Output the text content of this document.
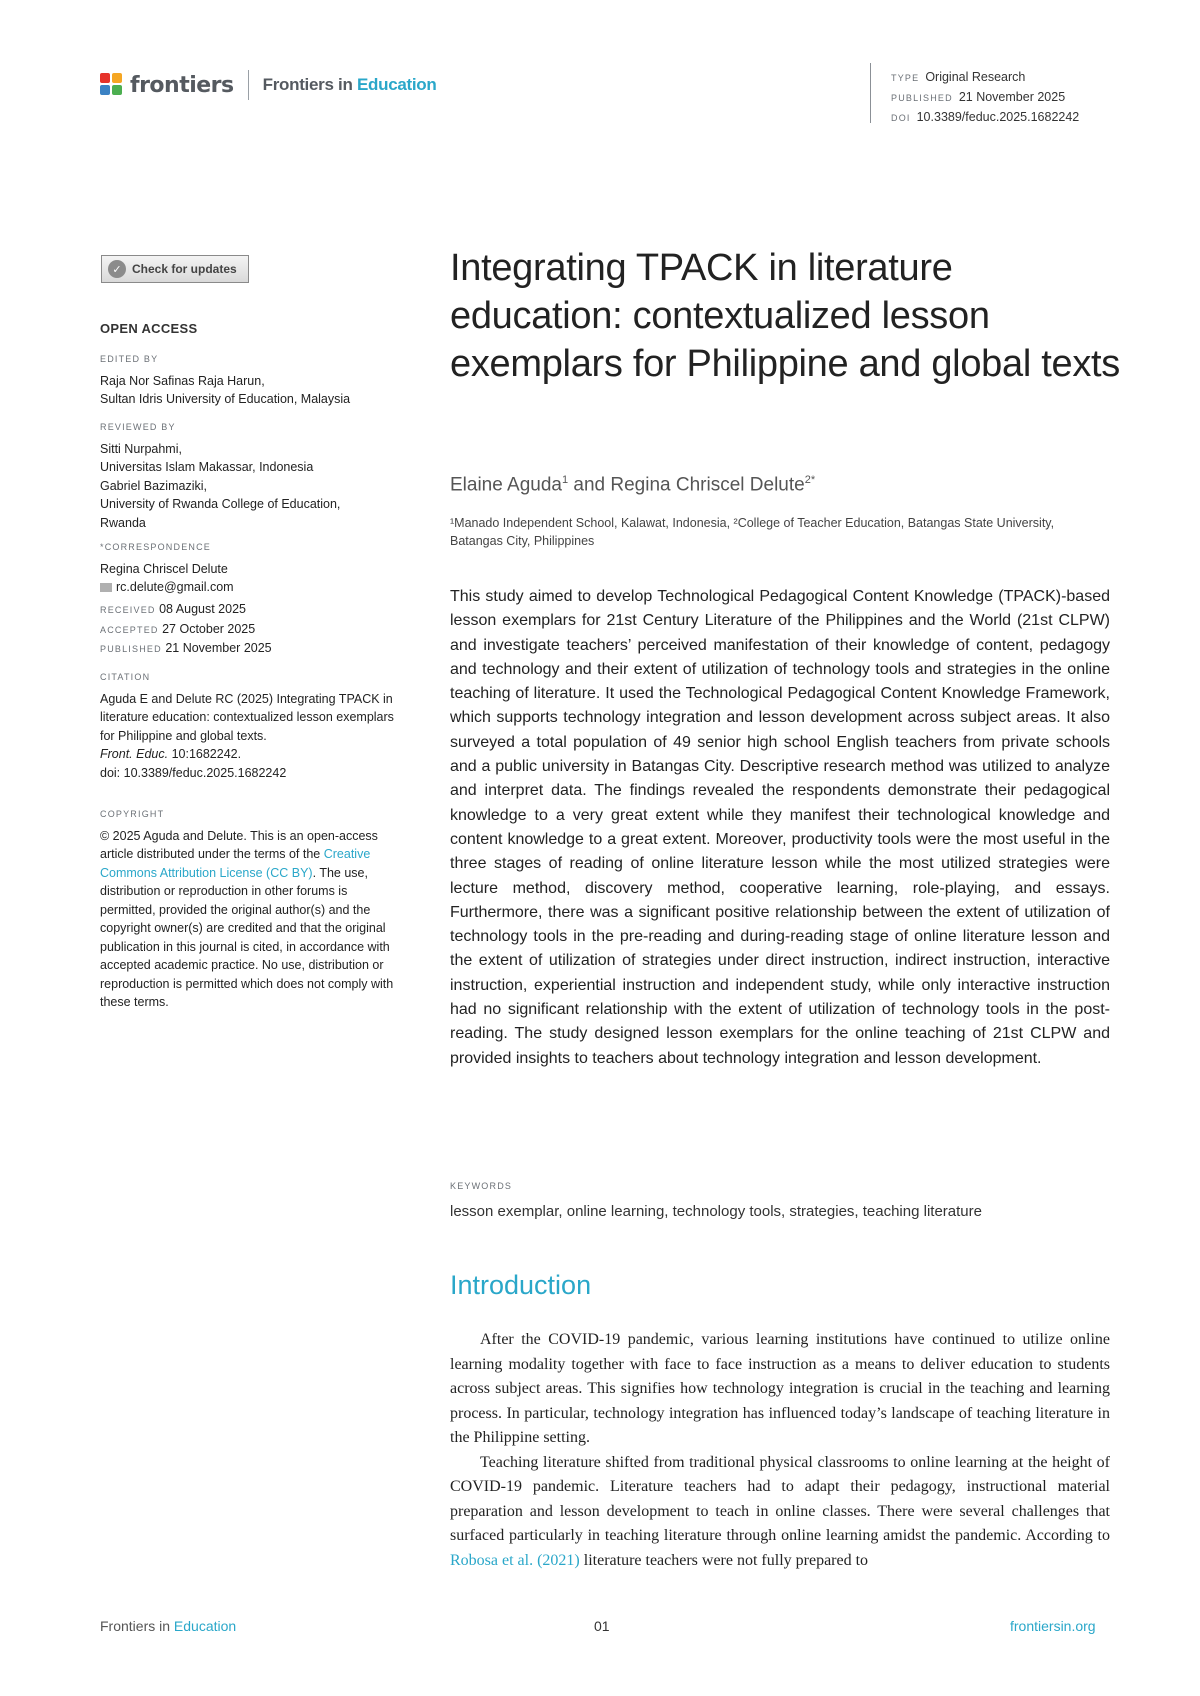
frontiers Frontiers in Education	TYPE Original Research
PUBLISHED 21 November 2025
DOI 10.3389/feduc.2025.1682242
✓ Check for updates
OPEN ACCESS
EDITED BY
Raja Nor Safinas Raja Harun,
Sultan Idris University of Education, Malaysia
REVIEWED BY
Sitti Nurpahmi,
Universitas Islam Makassar, Indonesia
Gabriel Bazimaziki,
University of Rwanda College of Education,
Rwanda
*CORRESPONDENCE
Regina Chriscel Delute
rc.delute@gmail.com
RECEIVED 08 August 2025
ACCEPTED 27 October 2025
PUBLISHED 21 November 2025
CITATION
Aguda E and Delute RC (2025) Integrating TPACK in literature education: contextualized lesson exemplars for Philippine and global texts.
Front. Educ. 10:1682242.
doi: 10.3389/feduc.2025.1682242
COPYRIGHT
© 2025 Aguda and Delute. This is an open-access article distributed under the terms of the Creative Commons Attribution License (CC BY). The use, distribution or reproduction in other forums is permitted, provided the original author(s) and the copyright owner(s) are credited and that the original publication in this journal is cited, in accordance with accepted academic practice. No use, distribution or reproduction is permitted which does not comply with these terms.
Integrating TPACK in literature education: contextualized lesson exemplars for Philippine and global texts
Elaine Aguda$^1$ and Regina Chriscel Delute$^{2*}$
¹Manado Independent School, Kalawat, Indonesia, ²College of Teacher Education, Batangas State University, Batangas City, Philippines
This study aimed to develop Technological Pedagogical Content Knowledge (TPACK)-based lesson exemplars for 21st Century Literature of the Philippines and the World (21st CLPW) and investigate teachers’ perceived manifestation of their knowledge of content, pedagogy and technology and their extent of utilization of technology tools and strategies in the online teaching of literature. It used the Technological Pedagogical Content Knowledge Framework, which supports technology integration and lesson development across subject areas. It also surveyed a total population of 49 senior high school English teachers from private schools and a public university in Batangas City. Descriptive research method was utilized to analyze and interpret data. The findings revealed the respondents demonstrate their pedagogical knowledge to a very great extent while they manifest their technological knowledge and content knowledge to a great extent. Moreover, productivity tools were the most useful in the three stages of reading of online literature lesson while the most utilized strategies were lecture method, discovery method, cooperative learning, role-playing, and essays. Furthermore, there was a significant positive relationship between the extent of utilization of technology tools in the pre-reading and during-reading stage of online literature lesson and the extent of utilization of strategies under direct instruction, indirect instruction, interactive instruction, experiential instruction and independent study, while only interactive instruction had no significant relationship with the extent of utilization of technology tools in the post-reading. The study designed lesson exemplars for the online teaching of 21st CLPW and provided insights to teachers about technology integration and lesson development.
KEYWORDS
lesson exemplar, online learning, technology tools, strategies, teaching literature
Introduction

After the COVID-19 pandemic, various learning institutions have continued to utilize online learning modality together with face to face instruction as a means to deliver education to students across subject areas. This signifies how technology integration is crucial in the teaching and learning process. In particular, technology integration has influenced today’s landscape of teaching literature in the Philippine setting.

Teaching literature shifted from traditional physical classrooms to online learning at the height of COVID-19 pandemic. Literature teachers had to adapt their pedagogy, instructional material preparation and lesson development to teach in online classes. There were several challenges that surfaced particularly in teaching literature through online learning amidst the pandemic. According to Robosa et al. (2021) literature teachers were not fully prepared to

Frontiers in Education	01	frontiersin.org
